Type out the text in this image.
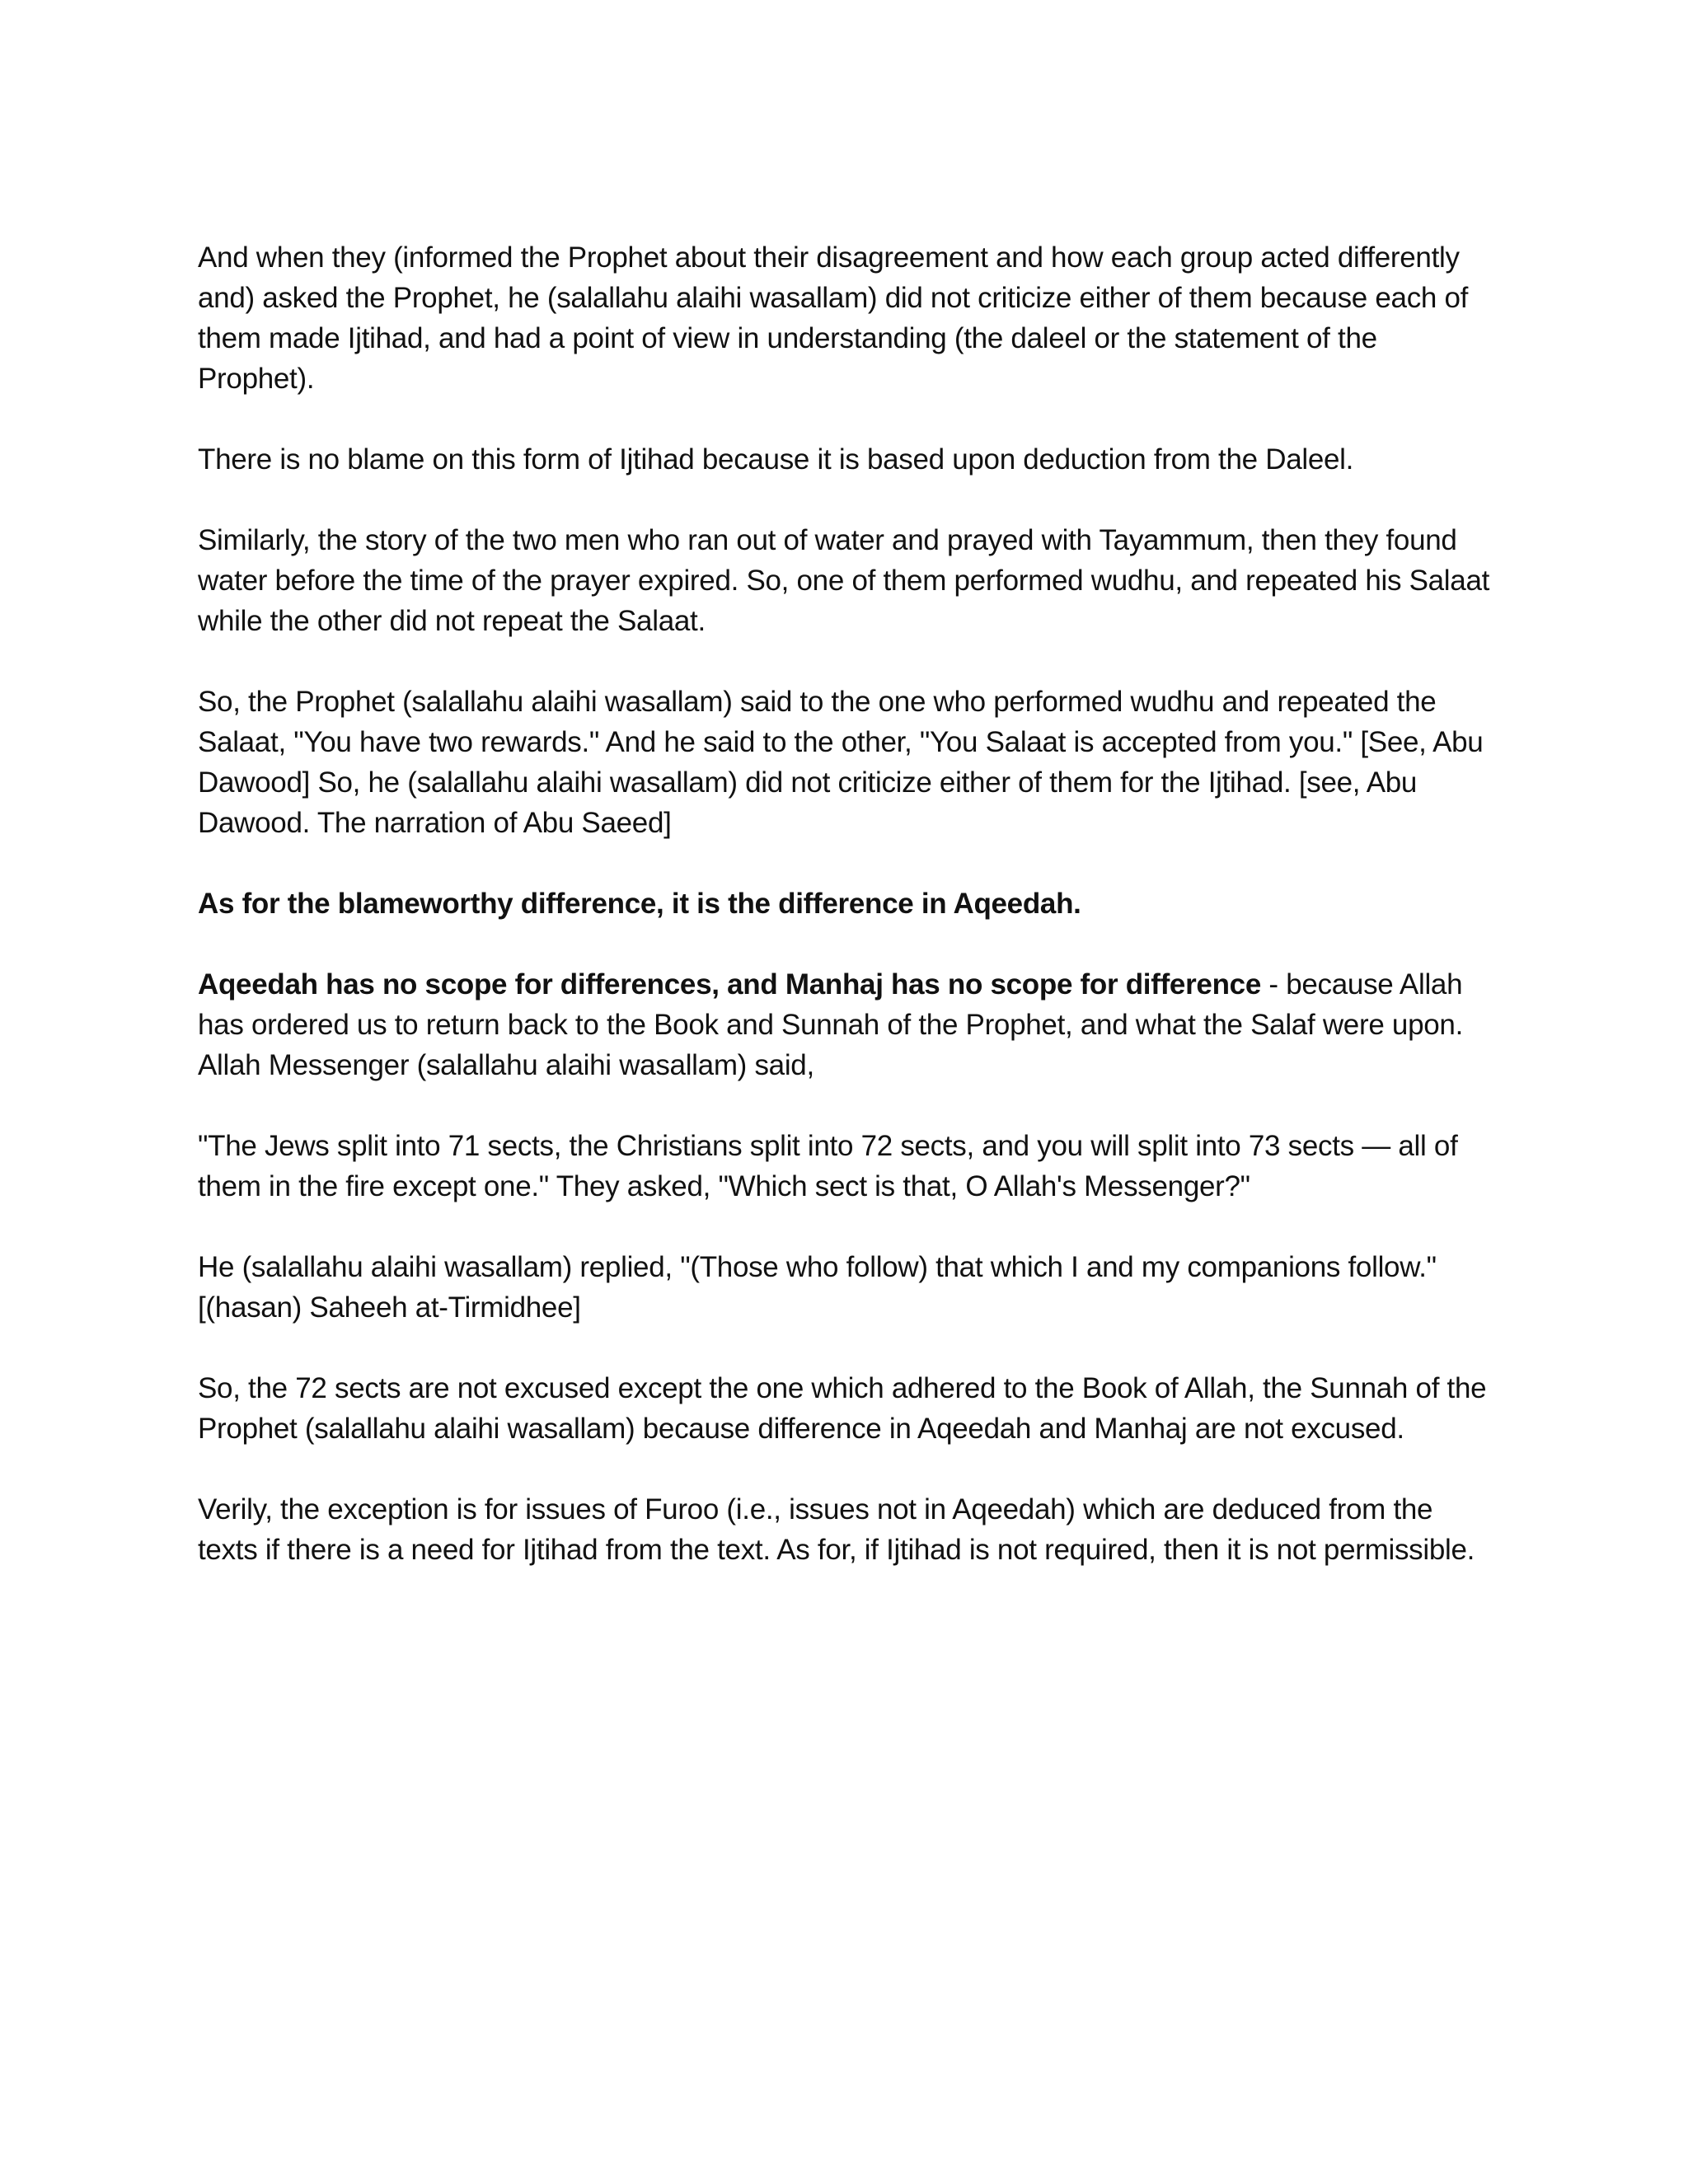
And when they (informed the Prophet about their disagreement and how each group acted differently and) asked the Prophet, he (salallahu alaihi wasallam) did not criticize either of them because each of them made Ijtihad, and had a point of view in understanding (the daleel or the statement of the Prophet).

There is no blame on this form of Ijtihad because it is based upon deduction from the Daleel.

Similarly, the story of the two men who ran out of water and prayed with Tayammum, then they found water before the time of the prayer expired. So, one of them performed wudhu, and repeated his Salaat while the other did not repeat the Salaat.

So, the Prophet (salallahu alaihi wasallam) said to the one who performed wudhu and repeated the Salaat, "You have two rewards." And he said to the other, "You Salaat is accepted from you." [See, Abu Dawood] So, he (salallahu alaihi wasallam) did not criticize either of them for the Ijtihad. [see, Abu Dawood. The narration of Abu Saeed]

As for the blameworthy difference, it is the difference in Aqeedah.

Aqeedah has no scope for differences, and Manhaj has no scope for difference - because Allah has ordered us to return back to the Book and Sunnah of the Prophet, and what the Salaf were upon. Allah Messenger (salallahu alaihi wasallam) said,

"The Jews split into 71 sects, the Christians split into 72 sects, and you will split into 73 sects — all of them in the fire except one." They asked, "Which sect is that, O Allah's Messenger?"

He (salallahu alaihi wasallam) replied, "(Those who follow) that which I and my companions follow." [(hasan) Saheeh at-Tirmidhee]

So, the 72 sects are not excused except the one which adhered to the Book of Allah, the Sunnah of the Prophet (salallahu alaihi wasallam) because difference in Aqeedah and Manhaj are not excused.

Verily, the exception is for issues of Furoo (i.e., issues not in Aqeedah) which are deduced from the texts if there is a need for Ijtihad from the text. As for, if Ijtihad is not required, then it is not permissible.
